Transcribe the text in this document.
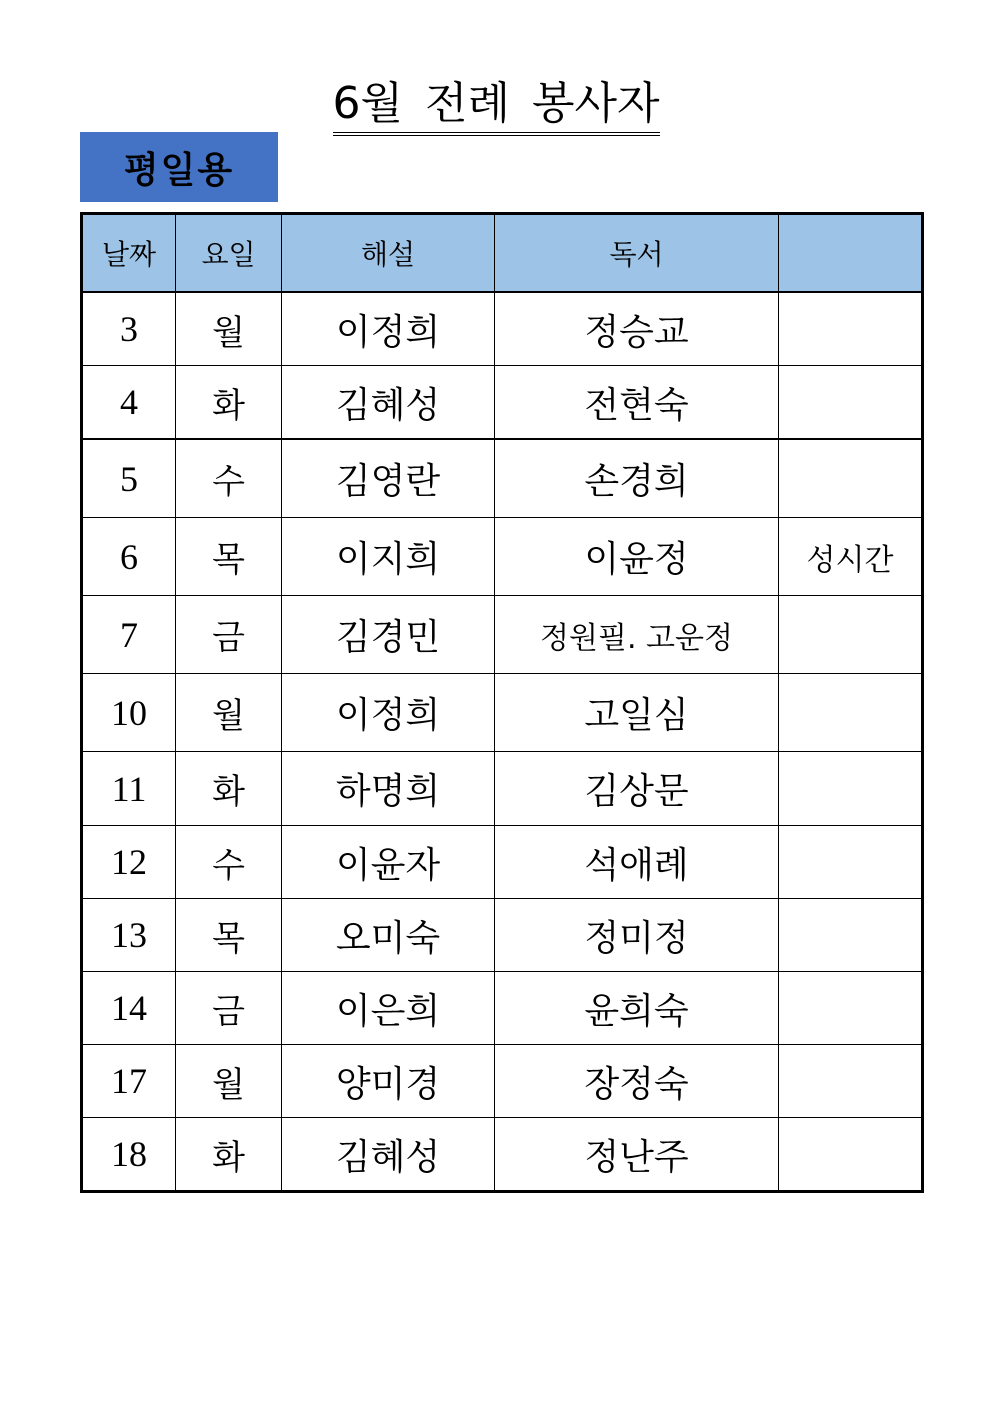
6월 전례 봉사자
평일용
날짜	요일	해설	독서	
3	월	이정희	정승교	
4	화	김혜성	전현숙	
5	수	김영란	손경희	
6	목	이지희	이윤정	성시간
7	금	김경민	정원필. 고운정	
10	월	이정희	고일심	
11	화	하명희	김상문	
12	수	이윤자	석애례	
13	목	오미숙	정미정	
14	금	이은희	윤희숙	
17	월	양미경	장정숙	
18	화	김혜성	정난주	
